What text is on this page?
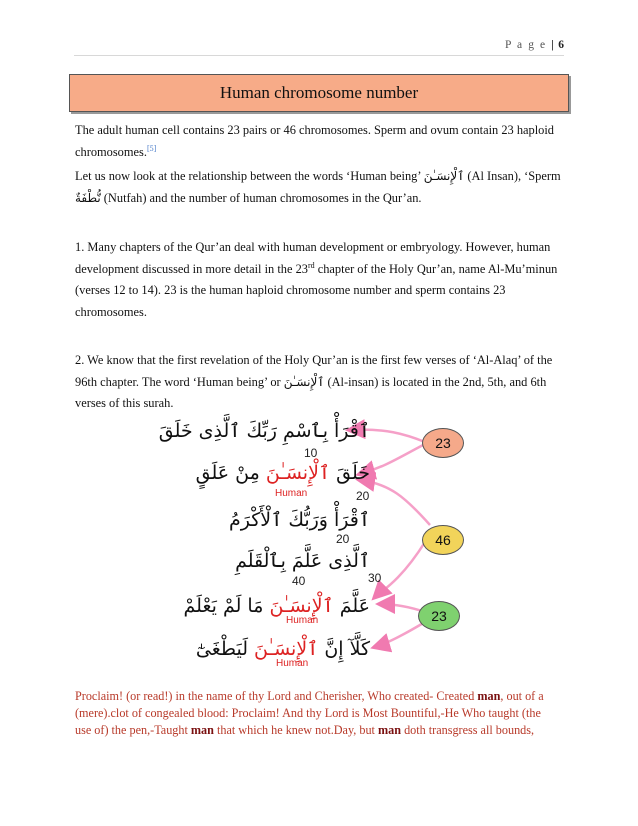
P a g e | 6
Human chromosome number
The adult human cell contains 23 pairs or 46 chromosomes. Sperm and ovum contain 23 haploid chromosomes.[5]
Let us now look at the relationship between the words ‘Human being’ ٱلْإِنسَـٰنَ (Al Insan), ‘Sperm نُّطْفَةٌ (Nutfah) and the number of human chromosomes in the Qur’an.
1. Many chapters of the Qur’an deal with human development or embryology. However, human development discussed in more detail in the 23rd chapter of the Holy Qur’an, name Al-Mu’minun (verses 12 to 14). 23 is the human haploid chromosome number and sperm contains 23 chromosomes.
2. We know that the first revelation of the Holy Qur’an is the first few verses of ‘Al-Alaq’ of the 96th chapter. The word ‘Human being’ or ٱلْإِنسَـٰنَ (Al-insan) is located in the 2nd, 5th, and 6th verses of this surah.
ٱقْرَأْ بِٱسْمِ رَبِّكَ ٱلَّذِى خَلَقَ
خَلَقَ ٱلْإِنسَـٰنَ مِنْ عَلَقٍ
ٱقْرَأْ وَرَبُّكَ ٱلْأَكْرَمُ
ٱلَّذِى عَلَّمَ بِٱلْقَلَمِ
عَلَّمَ ٱلْإِنسَـٰنَ مَا لَمْ يَعْلَمْ
كَلَّآ إِنَّ ٱلْإِنسَـٰنَ لَيَطْغَىٰٓ
10
Human	20
20
40	30
Human
Human
23
46
23
Proclaim! (or read!) in the name of thy Lord and Cherisher, Who created- Created man, out of a (mere).clot of congealed blood: Proclaim! And thy Lord is Most Bountiful,-He Who taught (the use of) the pen,-Taught man that which he knew not.Day, but man doth transgress all bounds,
